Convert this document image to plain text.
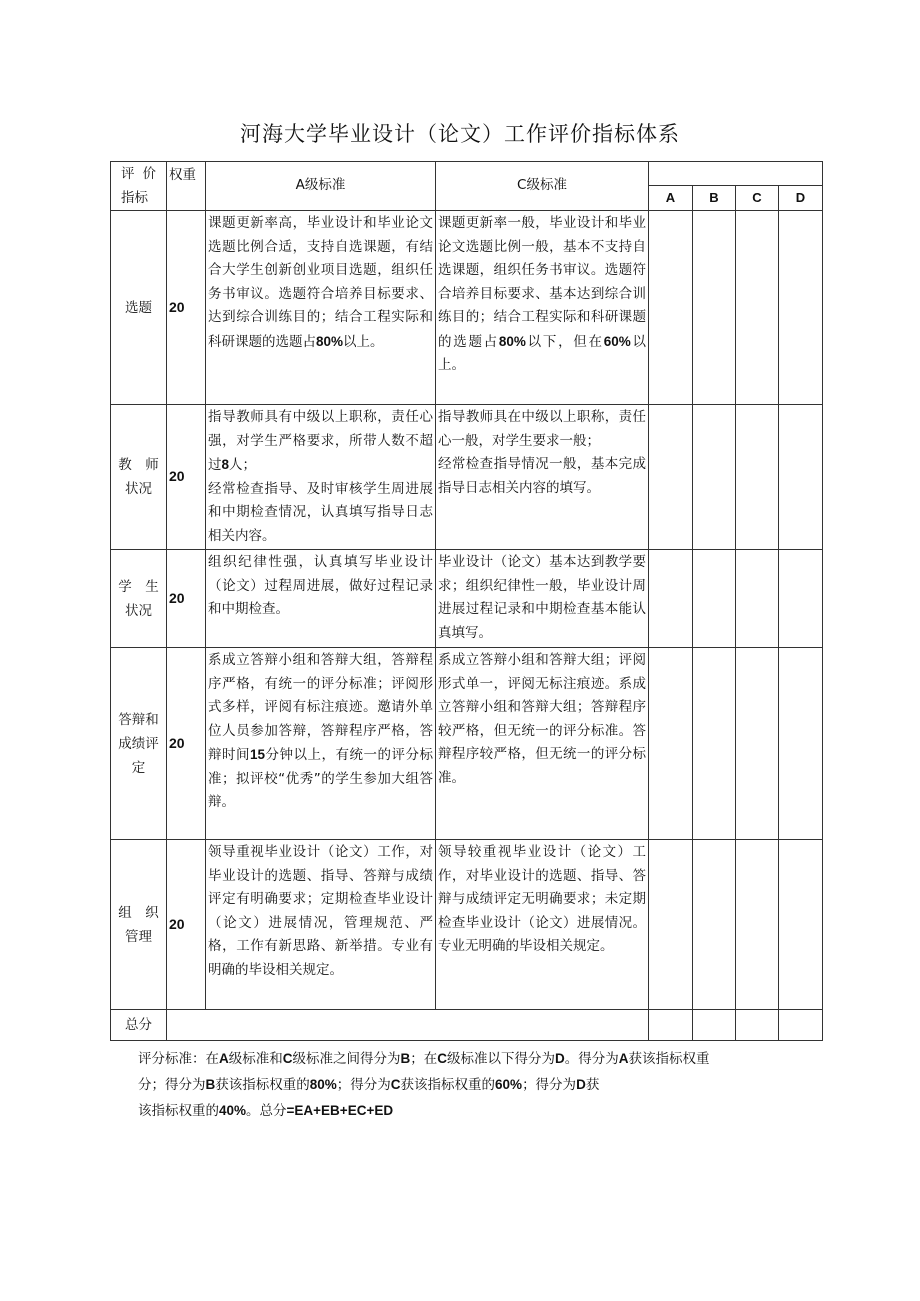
河海大学毕业设计（论文）工作评价指标体系
评 价
指标	权重	A级标准	C级标准				
				A	B	C	D
选题	20	课题更新率高，毕业设计和毕业论文选题比例合适，支持自选课题，有结合大学生创新创业项目选题，组织任务书审议。选题符合培养目标要求、达到综合训练目的；结合工程实际和科研课题的选题占80%以上。	课题更新率一般，毕业设计和毕业论文选题比例一般，基本不支持自选课题，组织任务书审议。选题符合培养目标要求、基本达到综合训练目的；结合工程实际和科研课题的选题占80%以下，但在60%以上。				
教　师
状况	20	指导教师具有中级以上职称，责任心强，对学生严格要求，所带人数不超过8人；
经常检查指导、及时审核学生周进展和中期检查情况，认真填写指导日志相关内容。	指导教师具在中级以上职称，责任心一般，对学生要求一般；
经常检查指导情况一般，基本完成指导日志相关内容的填写。				
学　生
状况	20	组织纪律性强，认真填写毕业设计（论文）过程周进展，做好过程记录和中期检查。	毕业设计（论文）基本达到教学要求；组织纪律性一般，毕业设计周进展过程记录和中期检查基本能认真填写。				
答辩和
成绩评
定	20	系成立答辩小组和答辩大组，答辩程序严格，有统一的评分标准；评阅形式多样，评阅有标注痕迹。邀请外单位人员参加答辩，答辩程序严格，答辩时间15分钟以上，有统一的评分标准；拟评校“优秀”的学生参加大组答辩。	系成立答辩小组和答辩大组；评阅形式单一，评阅无标注痕迹。系成立答辩小组和答辩大组；答辩程序较严格，但无统一的评分标准。答辩程序较严格，但无统一的评分标准。				
组　织
管理	20	领导重视毕业设计（论文）工作，对毕业设计的选题、指导、答辩与成绩评定有明确要求；定期检查毕业设计（论文）进展情况，管理规范、严格，工作有新思路、新举措。专业有明确的毕设相关规定。	领导较重视毕业设计（论文）工作，对毕业设计的选题、指导、答辩与成绩评定无明确要求；未定期检查毕业设计（论文）进展情况。专业无明确的毕设相关规定。				
总分							
评分标准：在A级标准和C级标准之间得分为B；在C级标准以下得分为D。得分为A获该指标权重
分；得分为B获该指标权重的80%；得分为C获该指标权重的60%；得分为D获
该指标权重的40%。总分=EA+EB+EC+ED
